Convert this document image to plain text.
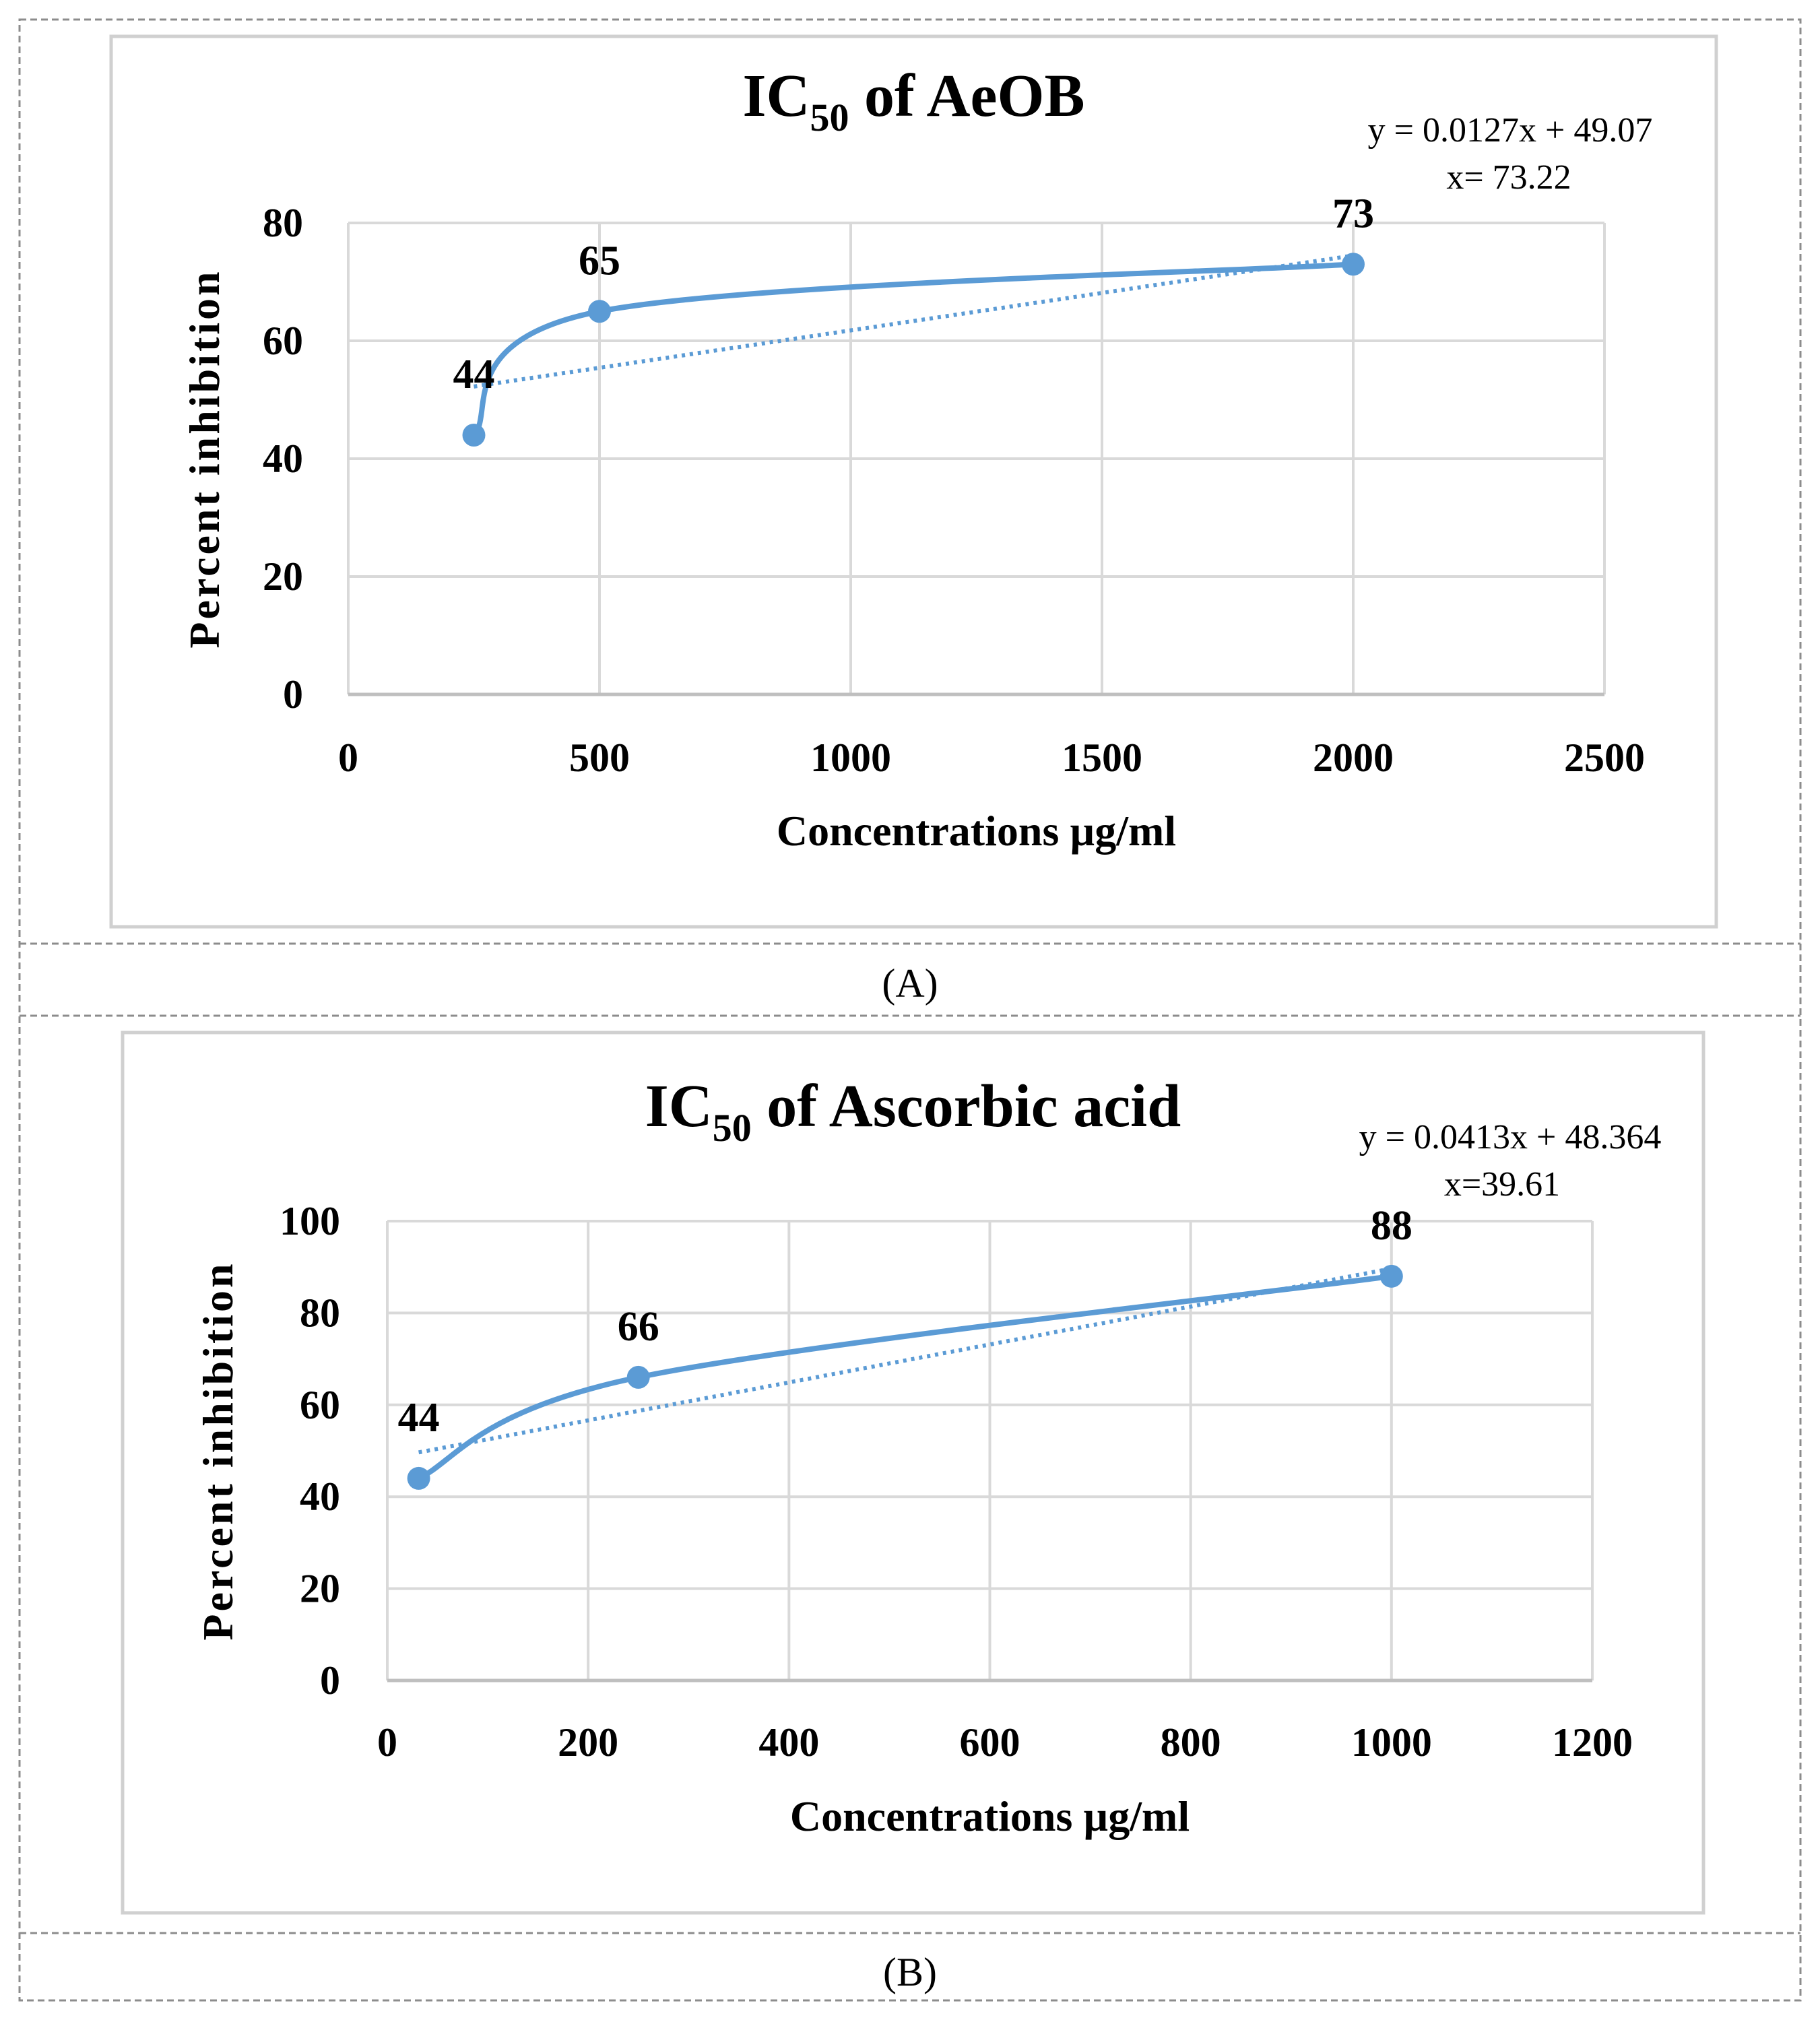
(A)
(B)
0	500	1000	1500	2000	2500
0
20
40
60
80
44
65
73
$IC_{50}$ of AeOB
y = 0.0127x + 49.07
x= 73.22
Concentrations µg/ml
Percent inhibition
0	200	400	600	800	1000	1200
0
20
40
60
80
100
44
66
88
$IC_{50}$ of Ascorbic acid	y = 0.0413x + 48.364
x=39.61
Concentrations µg/ml
Percent inhibition
